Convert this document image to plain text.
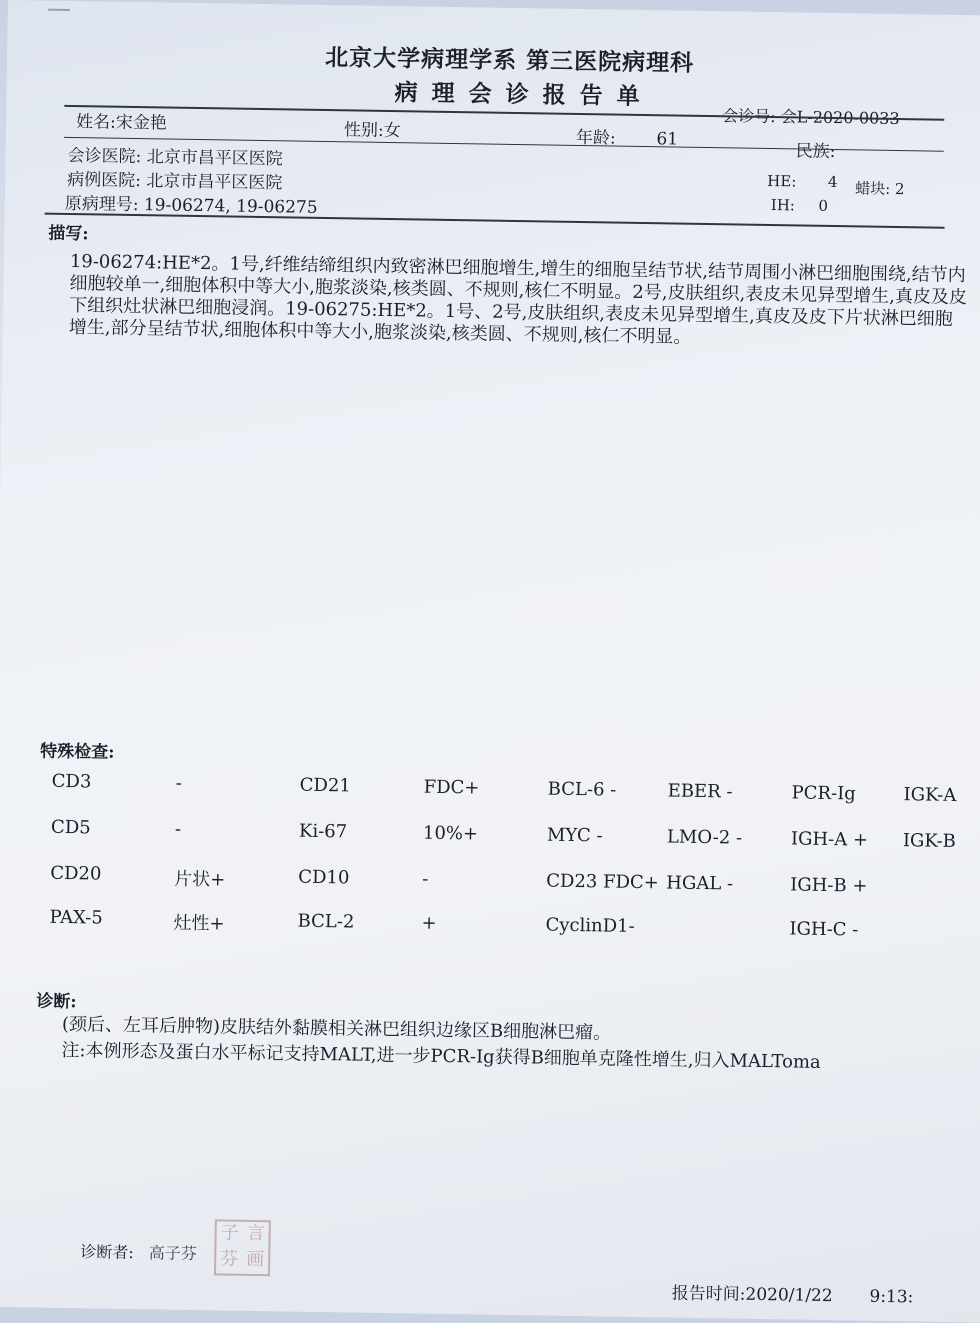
北京大学病理学系 第三医院病理科
病理会诊报告单
会诊号: 会L-2020-0033
姓名:宋金艳	性别:女	年龄: 61
民族:
会诊医院: 北京市昌平区医院
病例医院: 北京市昌平区医院
原病理号: 19-06274, 19-06275
HE: 4 蜡块: 2
IH: 0
描写:
19-06274:HE*2。1号,纤维结缔组织内致密淋巴细胞增生,增生的细胞呈结节状,结节周围小淋巴细胞围绕,结节内细胞较单一,细胞体积中等大小,胞浆淡染,核类圆、不规则,核仁不明显。2号,皮肤组织,表皮未见异型增生,真皮及皮下组织灶状淋巴细胞浸润。19-06275:HE*2。1号、2号,皮肤组织,表皮未见异型增生,真皮及皮下片状淋巴细胞增生,部分呈结节状,细胞体积中等大小,胞浆淡染,核类圆、不规则,核仁不明显。
特殊检查:
CD3	-	CD21	FDC+	BCL-6 -	EBER -	PCR-Ig	IGK-A
CD5	-	Ki-67	10%+	MYC -	LMO-2 -	IGH-A + IGK-B
CD20	片状+	CD10	-	CD23 FDC+ HGAL -	IGH-B +
PAX-5	灶性+	BCL-2	+	CyclinD1-	IGH-C -
诊断:
(颈后、左耳后肿物)皮肤结外黏膜相关淋巴组织边缘区B细胞淋巴瘤。
注:本例形态及蛋白水平标记支持MALT,进一步PCR-Ig获得B细胞单克隆性增生,归入MALToma
诊断者: 高子芬
子 言
芬 画
报告时间:2020/1/22 9:13:
